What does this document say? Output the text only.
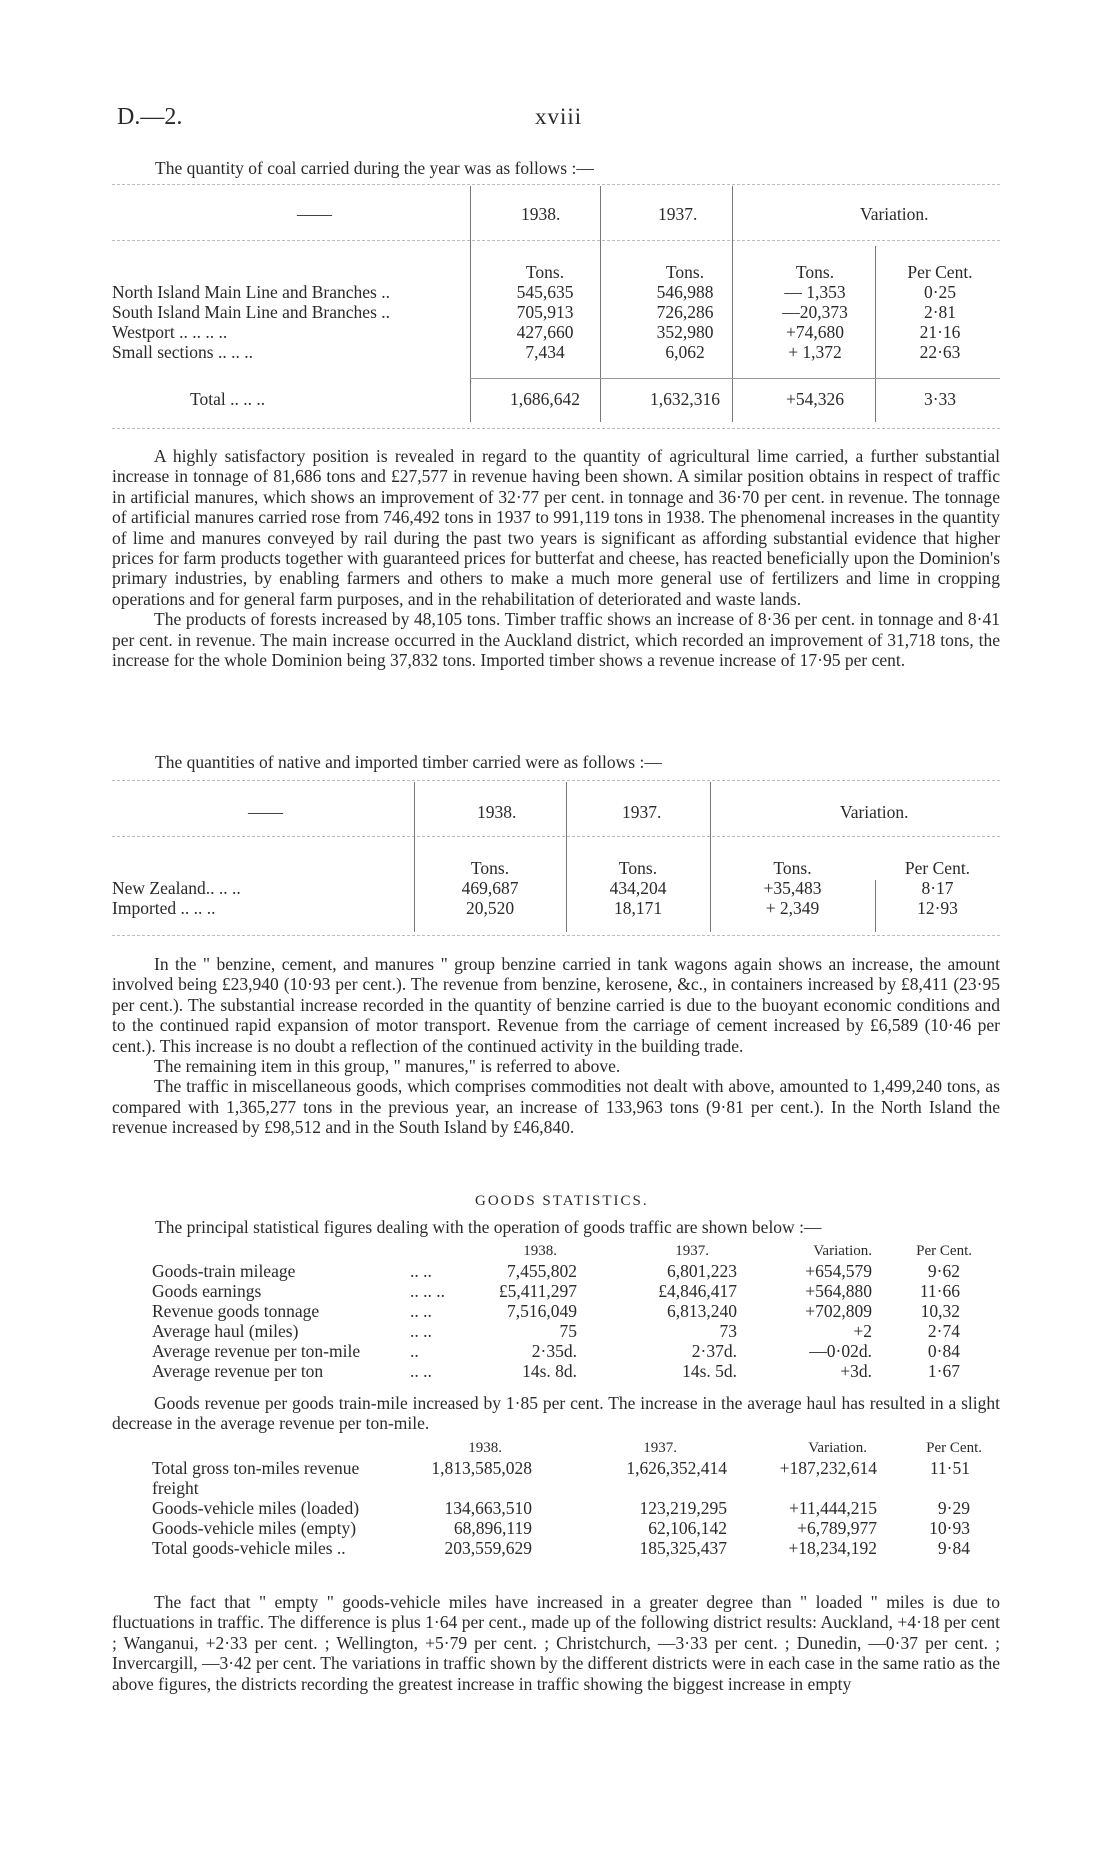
D.—2.	xviii
The quantity of coal carried during the year was as follows :—
——	1938.	1937.	Variation.
	Tons.	Tons.	Tons.	Per Cent.
North Island Main Line and Branches ..	545,635	546,988	— 1,353	0·25
South Island Main Line and Branches ..	705,913	726,286	—20,373	2·81
Westport .. .. .. ..	427,660	352,980	+74,680	21·16
Small sections .. .. ..	7,434	6,062	+ 1,372	22·63
Total .. .. ..	1,686,642	1,632,316	+54,326	3·33

A highly satisfactory position is revealed in regard to the quantity of agricultural lime carried, a further substantial increase in tonnage of 81,686 tons and £27,577 in revenue having been shown. A similar position obtains in respect of traffic in artificial manures, which shows an improvement of 32·77 per cent. in tonnage and 36·70 per cent. in revenue. The tonnage of artificial manures carried rose from 746,492 tons in 1937 to 991,119 tons in 1938. The phenomenal increases in the quantity of lime and manures conveyed by rail during the past two years is significant as affording substantial evidence that higher prices for farm products together with guaranteed prices for butterfat and cheese, has reacted beneficially upon the Dominion's primary industries, by enabling farmers and others to make a much more general use of fertilizers and lime in cropping operations and for general farm purposes, and in the rehabilitation of deteriorated and waste lands.

The products of forests increased by 48,105 tons. Timber traffic shows an increase of 8·36 per cent. in tonnage and 8·41 per cent. in revenue. The main increase occurred in the Auckland district, which recorded an improvement of 31,718 tons, the increase for the whole Dominion being 37,832 tons. Imported timber shows a revenue increase of 17·95 per cent.

The quantities of native and imported timber carried were as follows :—
——	1938.	1937.	Variation.
	Tons.	Tons.	Tons.	Per Cent.
New Zealand.. .. ..	469,687	434,204	+35,483	8·17
Imported .. .. ..	20,520	18,171	+ 2,349	12·93

In the " benzine, cement, and manures " group benzine carried in tank wagons again shows an increase, the amount involved being £23,940 (10·93 per cent.). The revenue from benzine, kerosene, &c., in containers increased by £8,411 (23·95 per cent.). The substantial increase recorded in the quantity of benzine carried is due to the buoyant economic conditions and to the continued rapid expansion of motor transport. Revenue from the carriage of cement increased by £6,589 (10·46 per cent.). This increase is no doubt a reflection of the continued activity in the building trade.

The remaining item in this group, " manures," is referred to above.

The traffic in miscellaneous goods, which comprises commodities not dealt with above, amounted to 1,499,240 tons, as compared with 1,365,277 tons in the previous year, an increase of 133,963 tons (9·81 per cent.). In the North Island the revenue increased by £98,512 and in the South Island by £46,840.

GOODS STATISTICS.
The principal statistical figures dealing with the operation of goods traffic are shown below :—
		1938.	1937.	Variation.	Per Cent.
Goods-train mileage	.. ..	7,455,802	6,801,223	+654,579	9·62
Goods earnings	.. .. ..	£5,411,297	£4,846,417	+564,880	11·66
Revenue goods tonnage	.. ..	7,516,049	6,813,240	+702,809	10,32
Average haul (miles)	.. ..	75	73	+2	2·74
Average revenue per ton-mile	..	2·35d.	2·37d.	—0·02d.	0·84
Average revenue per ton	.. ..	14s. 8d.	14s. 5d.	+3d.	1·67

Goods revenue per goods train-mile increased by 1·85 per cent. The increase in the average haul has resulted in a slight decrease in the average revenue per ton-mile.

	1938.	1937.	Variation.	Per Cent.
Total gross ton-miles revenue freight	1,813,585,028	1,626,352,414	+187,232,614	11·51
Goods-vehicle miles (loaded)	134,663,510	123,219,295	+11,444,215	9·29
Goods-vehicle miles (empty)	68,896,119	62,106,142	+6,789,977	10·93
Total goods-vehicle miles ..	203,559,629	185,325,437	+18,234,192	9·84

The fact that " empty " goods-vehicle miles have increased in a greater degree than " loaded " miles is due to fluctuations in traffic. The difference is plus 1·64 per cent., made up of the following district results: Auckland, +4·18 per cent ; Wanganui, +2·33 per cent. ; Wellington, +5·79 per cent. ; Christchurch, —3·33 per cent. ; Dunedin, —0·37 per cent. ; Invercargill, —3·42 per cent. The variations in traffic shown by the different districts were in each case in the same ratio as the above figures, the districts recording the greatest increase in traffic showing the biggest increase in empty
